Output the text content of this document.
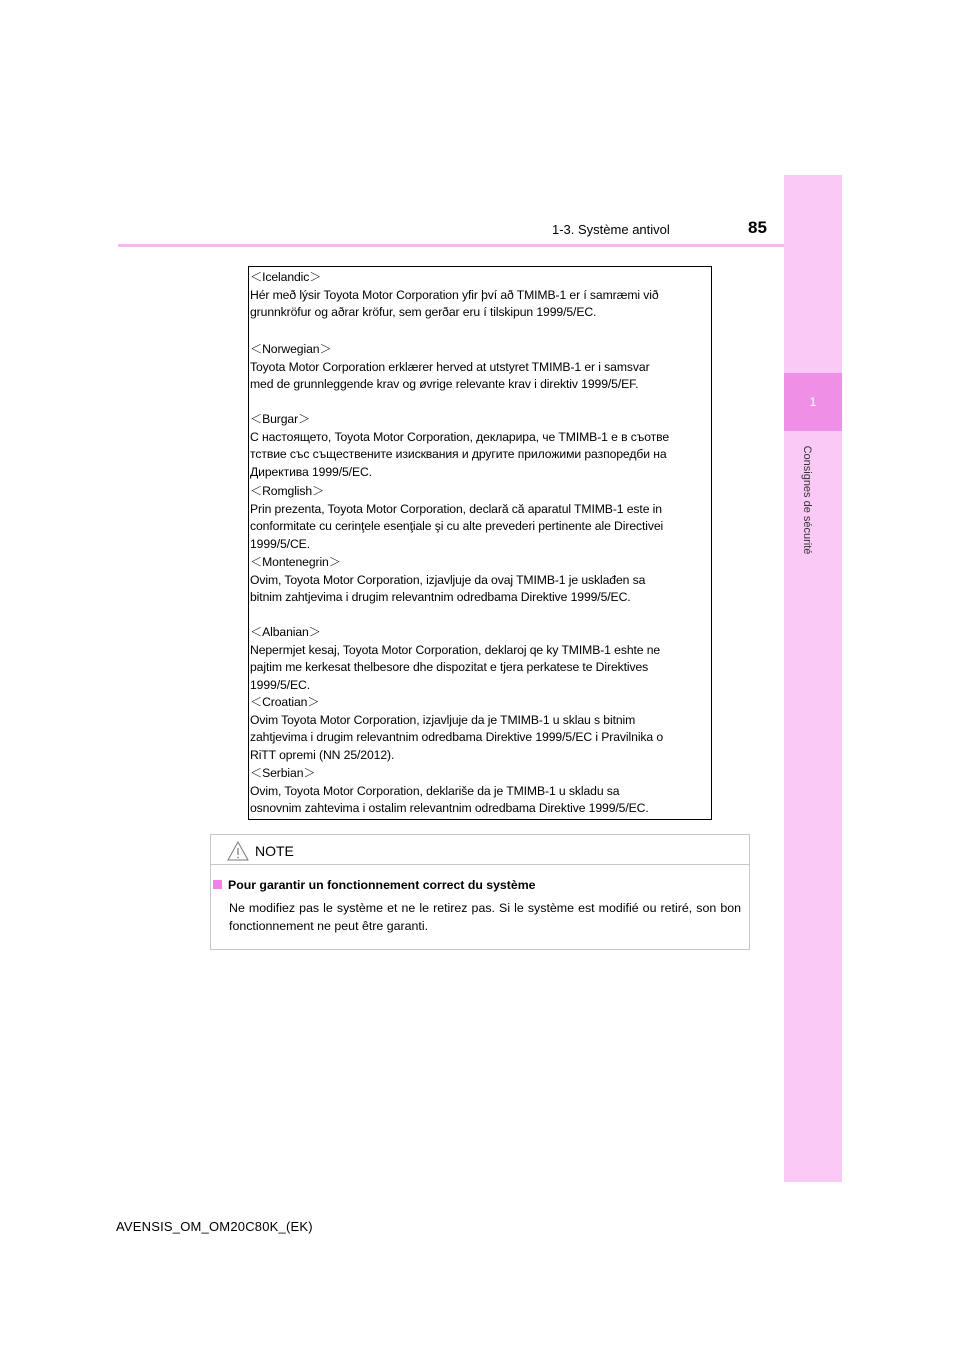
1-3. Système antivol	85
1
Consignes de sécurité
＜Icelandic＞
Hér með lýsir Toyota Motor Corporation yfir því að TMIMB-1 er í samræmi við
grunnkröfur og aðrar kröfur, sem gerðar eru í tilskipun 1999/5/EC.
＜Norwegian＞
Toyota Motor Corporation erklærer herved at utstyret TMIMB-1 er i samsvar
med de grunnleggende krav og øvrige relevante krav i direktiv 1999/5/EF.
＜Burgar＞
С настоящето, Toyota Motor Corporation, декларира, че TMIMB-1 е в съотве
тствие със съществените изисквания и другите приложими разпоредби на
Директива 1999/5/EC.
＜Romglish＞
Prin prezenta, Toyota Motor Corporation, declară că aparatul TMIMB-1 este in
conformitate cu cerinţele esenţiale şi cu alte prevederi pertinente ale Directivei
1999/5/CE.
＜Montenegrin＞
Ovim, Toyota Motor Corporation, izjavljuje da ovaj TMIMB-1 je usklađen sa
bitnim zahtjevima i drugim relevantnim odredbama Direktive 1999/5/EC.
＜Albanian＞
Nepermjet kesaj, Toyota Motor Corporation, deklaroj qe ky TMIMB-1 eshte ne
pajtim me kerkesat thelbesore dhe dispozitat e tjera perkatese te Direktives
1999/5/EC.
＜Croatian＞
Ovim Toyota Motor Corporation, izjavljuje da je TMIMB-1 u sklau s bitnim
zahtjevima i drugim relevantnim odredbama Direktive 1999/5/EC i Pravilnika o
RiTT opremi (NN 25/2012).
＜Serbian＞
Ovim, Toyota Motor Corporation, deklariše da je TMIMB-1 u skladu sa
osnovnim zahtevima i ostalim relevantnim odredbama Direktive 1999/5/EC.
NOTE
Pour garantir un fonctionnement correct du système
Ne modifiez pas le système et ne le retirez pas. Si le système est modifié ou retiré, son bon fonctionnement ne peut être garanti.
AVENSIS_OM_OM20C80K_(EK)
